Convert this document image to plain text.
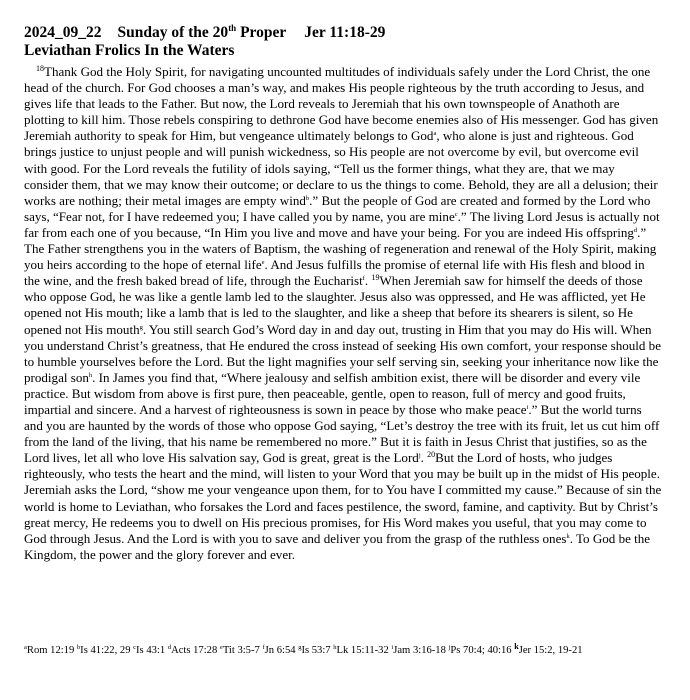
2024_09_22 Sunday of the 20th Proper Jer 11:18-29
Leviathan Frolics In the Waters
$^{18}$Thank God the Holy Spirit, for navigating uncounted multitudes of individuals safely under the Lord Christ, the one head of the church. For God chooses a man’s way, and makes His people righteous by the truth according to Jesus, and gives life that leads to the Father. But now, the Lord reveals to Jeremiah that his own townspeople of Anathoth are plotting to kill him. Those rebels conspiring to dethrone God have become enemies also of His messenger. God has given Jeremiah authority to speak for Him, but vengeance ultimately belongs to God$^a$, who alone is just and righteous. God brings justice to unjust people and will punish wickedness, so His people are not overcome by evil, but overcome evil with good. For the Lord reveals the futility of idols saying, “Tell us the former things, what they are, that we may consider them, that we may know their outcome; or declare to us the things to come. Behold, they are all a delusion; their works are nothing; their metal images are empty wind$^b$.” But the people of God are created and formed by the Lord who says, “Fear not, for I have redeemed you; I have called you by name, you are mine$^c$.” The living Lord Jesus is actually not far from each one of you because, “In Him you live and move and have your being. For you are indeed His offspring$^d$.” The Father strengthens you in the waters of Baptism, the washing of regeneration and renewal of the Holy Spirit, making you heirs according to the hope of eternal life$^e$. And Jesus fulfills the promise of eternal life with His flesh and blood in the wine, and the fresh baked bread of life, through the Eucharist$^f$. $^{19}$When Jeremiah saw for himself the deeds of those who oppose God, he was like a gentle lamb led to the slaughter. Jesus also was oppressed, and He was afflicted, yet He opened not His mouth; like a lamb that is led to the slaughter, and like a sheep that before its shearers is silent, so He opened not His mouth$^g$. You still search God’s Word day in and day out, trusting in Him that you may do His will. When you understand Christ’s greatness, that He endured the cross instead of seeking His own comfort, your response should be to humble yourselves before the Lord. But the light magnifies your self serving sin, seeking your inheritance now like the prodigal son$^h$. In James you find that, “Where jealousy and selfish ambition exist, there will be disorder and every vile practice. But wisdom from above is first pure, then peaceable, gentle, open to reason, full of mercy and good fruits, impartial and sincere. And a harvest of righteousness is sown in peace by those who make peace$^i$.” But the world turns and you are haunted by the words of those who oppose God saying, “Let’s destroy the tree with its fruit, let us cut him off from the land of the living, that his name be remembered no more.” But it is faith in Jesus Christ that justifies, so as the Lord lives, let all who love His salvation say, God is great, great is the Lord$^j$. $^{20}$But the Lord of hosts, who judges righteously, who tests the heart and the mind, will listen to your Word that you may be built up in the midst of His people. Jeremiah asks the Lord, “show me your vengeance upon them, for to You have I committed my cause.” Because of sin the world is home to Leviathan, who forsakes the Lord and faces pestilence, the sword, famine, and captivity. But by Christ’s great mercy, He redeems you to dwell on His precious promises, for His Word makes you useful, that you may come to God through Jesus. And the Lord is with you to save and deliver you from the grasp of the ruthless ones$^k$. To God be the Kingdom, the power and the glory forever and ever.
$^a$Rom 12:19 $^b$Is 41:22, 29 $^c$Is 43:1 $^d$Acts 17:28 $^e$Tit 3:5-7 $^f$Jn 6:54 $^g$Is 53:7 $^h$Lk 15:11-32 $^i$Jam 3:16-18 $^j$Ps 70:4; 40:16 $^k$Jer 15:2, 19-21
